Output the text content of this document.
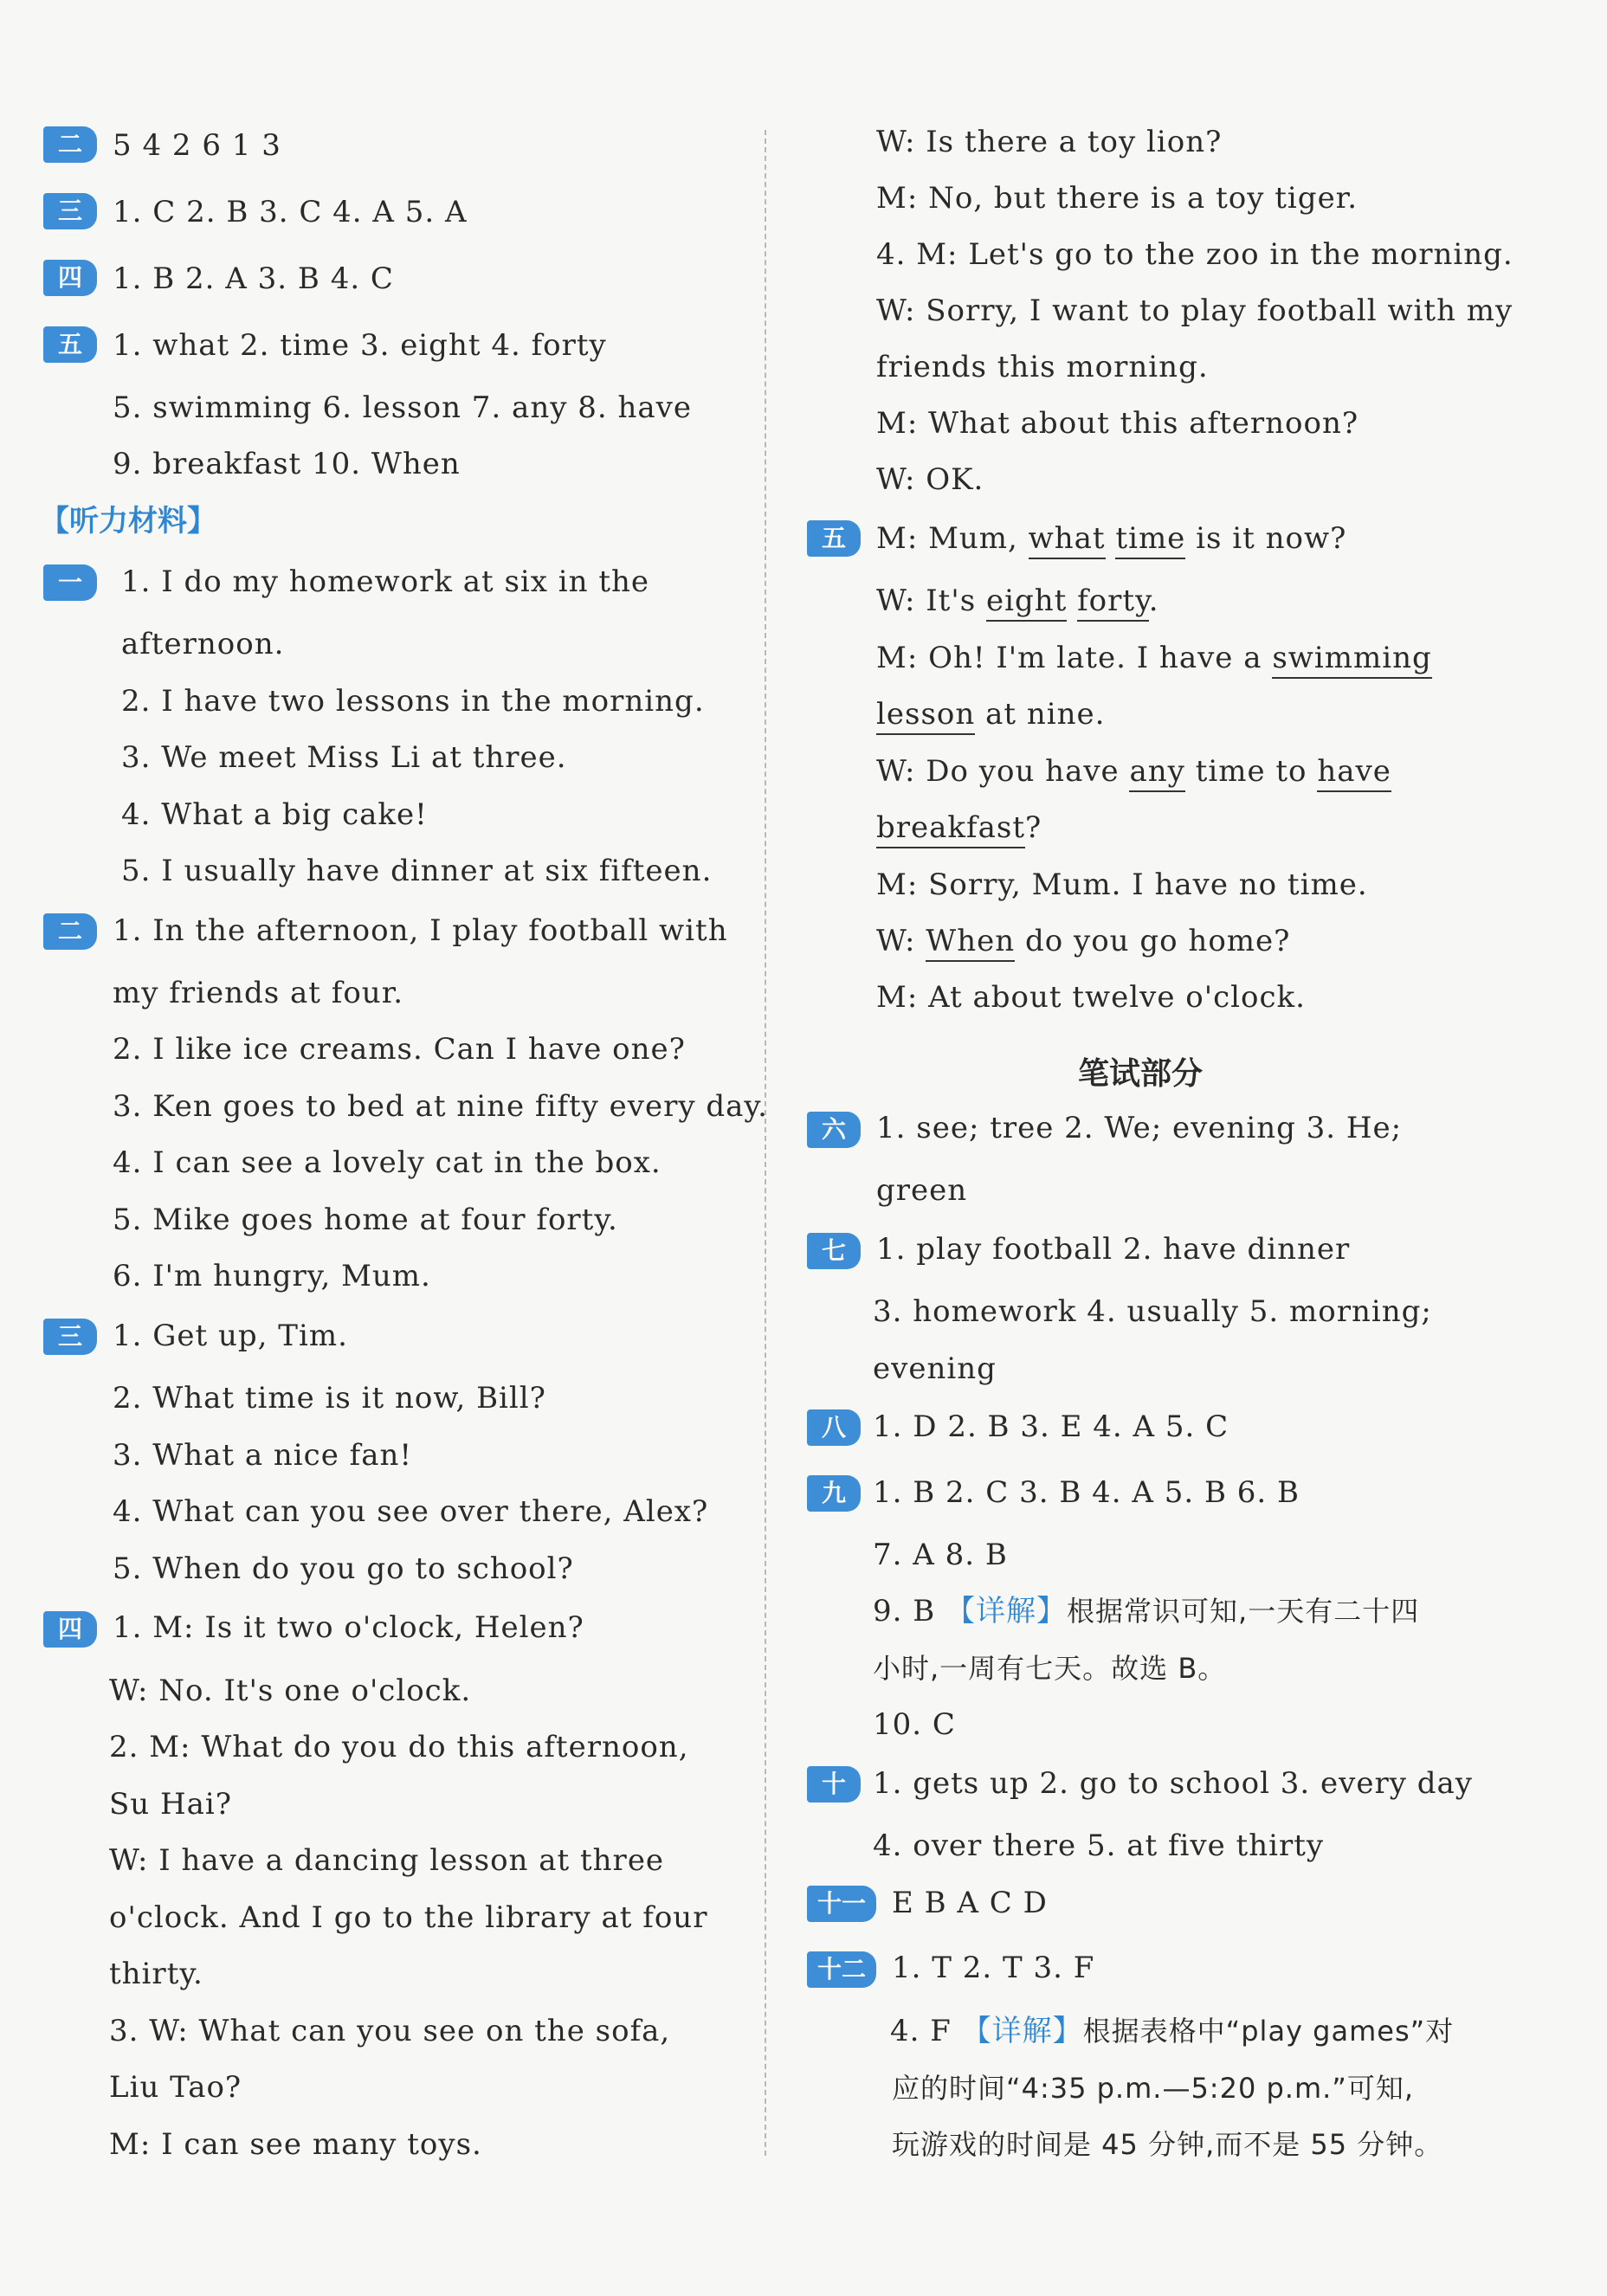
二	5 4 2 6 1 3
三	1. C 2. B 3. C 4. A 5. A
四	1. B 2. A 3. B 4. C
五	1. what 2. time 3. eight 4. forty
5. swimming 6. lesson 7. any 8. have
9. breakfast 10. When
【听力材料】
一	1. I do my homework at six in the
afternoon.
2. I have two lessons in the morning.
3. We meet Miss Li at three.
4. What a big cake!
5. I usually have dinner at six fifteen.
二	1. In the afternoon, I play football with
my friends at four.
2. I like ice creams. Can I have one?
3. Ken goes to bed at nine fifty every day.
4. I can see a lovely cat in the box.
5. Mike goes home at four forty.
6. I'm hungry, Mum.
三	1. Get up, Tim.
2. What time is it now, Bill?
3. What a nice fan!
4. What can you see over there, Alex?
5. When do you go to school?
四	1. M: Is it two o'clock, Helen?
W: No. It's one o'clock.
2. M: What do you do this afternoon,
Su Hai?
W: I have a dancing lesson at three
o'clock. And I go to the library at four
thirty.
3. W: What can you see on the sofa,
Liu Tao?
M: I can see many toys.
W: Is there a toy lion?
M: No, but there is a toy tiger.
4. M: Let's go to the zoo in the morning.
W: Sorry, I want to play football with my
friends this morning.
M: What about this afternoon?
W: OK.
五	M: Mum, what time is it now?
W: It's eight forty.
M: Oh! I'm late. I have a swimming
lesson at nine.
W: Do you have any time to have
breakfast?
M: Sorry, Mum. I have no time.
W: When do you go home?
M: At about twelve o'clock.
笔试部分
六	1. see; tree 2. We; evening 3. He;
green
七	1. play football 2. have dinner
3. homework 4. usually 5. morning;
evening
八 1. D 2. B 3. E 4. A 5. C
九 1. B 2. C 3. B 4. A 5. B 6. B
7. A 8. B
9. B 【详解】根据常识可知,一天有二十四
小时,一周有七天。故选 B。
10. C
十 1. gets up 2. go to school 3. every day
4. over there 5. at five thirty
十一 E B A C D
十二 1. T 2. T 3. F
4. F 【详解】根据表格中“play games”对
应的时间“4:35 p.m.—5:20 p.m.”可知,
玩游戏的时间是 45 分钟,而不是 55 分钟。
